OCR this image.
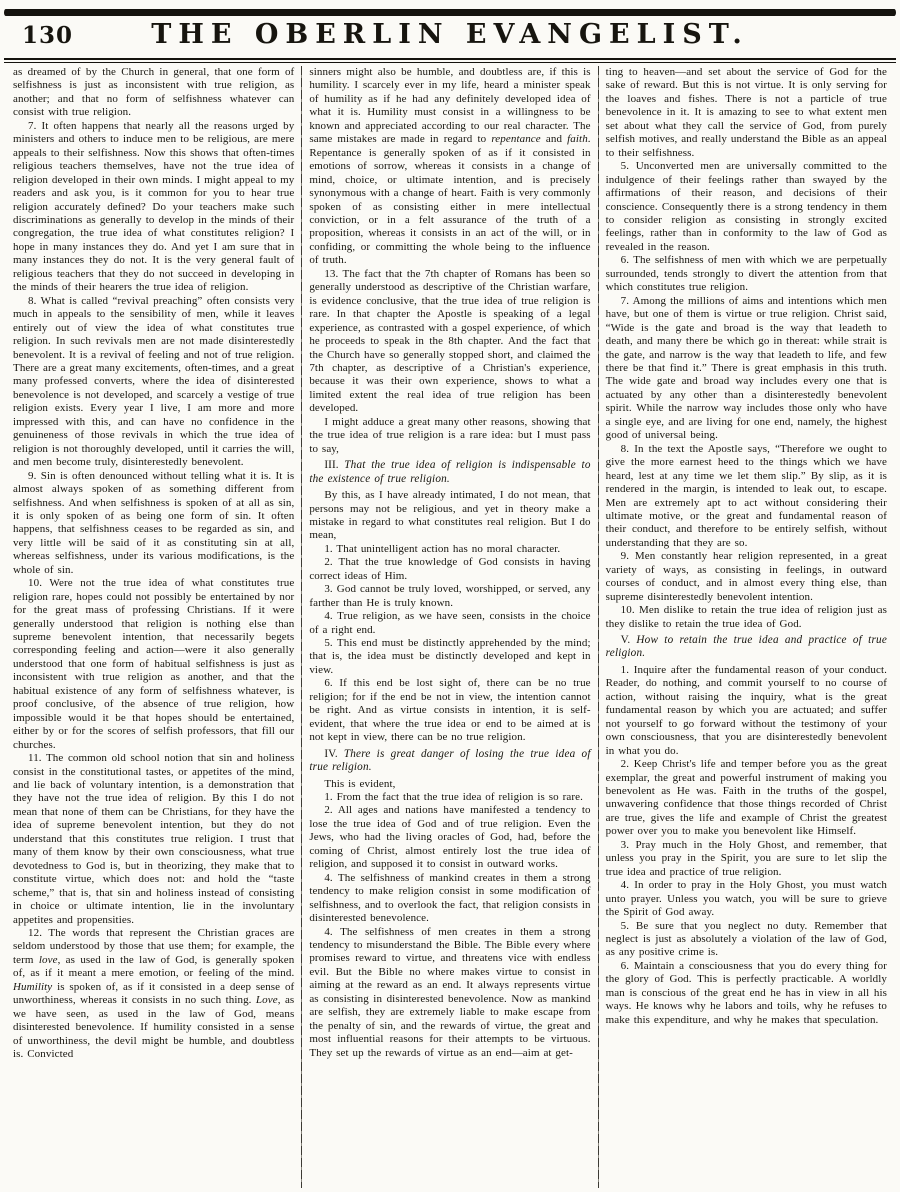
130	THE OBERLIN EVANGELIST.

as dreamed of by the Church in general, that one form of selfishness is just as inconsistent with true religion, as another; and that no form of selfishness whatever can consist with true religion.

7. It often happens that nearly all the reasons urged by ministers and others to induce men to be religious, are mere appeals to their selfishness. Now this shows that often-times religious teachers themselves, have not the true idea of religion developed in their own minds. I might appeal to my readers and ask you, is it common for you to hear true religion accurately defined? Do your teachers make such discriminations as generally to develop in the minds of their congregation, the true idea of what constitutes religion? I hope in many instances they do. And yet I am sure that in many instances they do not. It is the very general fault of religious teachers that they do not succeed in developing in the minds of their hearers the true idea of religion.

8. What is called “revival preaching” often consists very much in appeals to the sensibility of men, while it leaves entirely out of view the idea of what constitutes true religion. In such revivals men are not made disinterestedly benevolent. It is a revival of feeling and not of true religion. There are a great many excitements, often-times, and a great many professed converts, where the idea of disinterested benevolence is not developed, and scarcely a vestige of true religion exists. Every year I live, I am more and more impressed with this, and can have no confidence in the genuineness of those revivals in which the true idea of religion is not thoroughly developed, until it carries the will, and men become truly, disinterestedly benevolent.

9. Sin is often denounced without telling what it is. It is almost always spoken of as something different from selfishness. And when selfishness is spoken of at all as sin, it is only spoken of as being one form of sin. It often happens, that selfishness ceases to be regarded as sin, and very little will be said of it as constituting sin at all, whereas selfishness, under its various modifications, is the whole of sin.

10. Were not the true idea of what constitutes true religion rare, hopes could not possibly be entertained by nor for the great mass of professing Christians. If it were generally understood that religion is nothing else than supreme benevolent intention, that necessarily begets corresponding feeling and action—were it also generally understood that one form of habitual selfishness is just as inconsistent with true religion as another, and that the habitual existence of any form of selfishness whatever, is proof conclusive, of the absence of true religion, how impossible would it be that hopes should be entertained, either by or for the scores of selfish professors, that fill our churches.

11. The common old school notion that sin and holiness consist in the constitutional tastes, or appetites of the mind, and lie back of voluntary intention, is a demonstration that they have not the true idea of religion. By this I do not mean that none of them can be Christians, for they have the idea of supreme benevolent intention, but they do not understand that this constitutes true religion. I trust that many of them know by their own consciousness, what true devotedness to God is, but in theorizing, they make that to constitute virtue, which does not: and hold the “taste scheme,” that is, that sin and holiness instead of consisting in choice or ultimate intention, lie in the involuntary appetites and propensities.

12. The words that represent the Christian graces are seldom understood by those that use them; for example, the term love, as used in the law of God, is generally spoken of, as if it meant a mere emotion, or feeling of the mind. Humility is spoken of, as if it consisted in a deep sense of unworthiness, whereas it consists in no such thing. Love, as we have seen, as used in the law of God, means disinterested benevolence. If humility consisted in a sense of unworthiness, the devil might be humble, and doubtless is. Convicted

sinners might also be humble, and doubtless are, if this is humility. I scarcely ever in my life, heard a minister speak of humility as if he had any definitely developed idea of what it is. Humility must consist in a willingness to be known and appreciated according to our real character. The same mistakes are made in regard to repentance and faith. Repentance is generally spoken of as if it consisted in emotions of sorrow, whereas it consists in a change of mind, choice, or ultimate intention, and is precisely synonymous with a change of heart. Faith is very commonly spoken of as consisting either in mere intellectual conviction, or in a felt assurance of the truth of a proposition, whereas it consists in an act of the will, or in confiding, or committing the whole being to the influence of truth.

13. The fact that the 7th chapter of Romans has been so generally understood as descriptive of the Christian warfare, is evidence conclusive, that the true idea of true religion is rare. In that chapter the Apostle is speaking of a legal experience, as contrasted with a gospel experience, of which he proceeds to speak in the 8th chapter. And the fact that the Church have so generally stopped short, and claimed the 7th chapter, as descriptive of a Christian's experience, because it was their own experience, shows to what a limited extent the real idea of true religion has been developed.

I might adduce a great many other reasons, showing that the true idea of true religion is a rare idea: but I must pass to say,

III. That the true idea of religion is indispensable to the existence of true religion.

By this, as I have already intimated, I do not mean, that persons may not be religious, and yet in theory make a mistake in regard to what constitutes real religion. But I do mean,

1. That unintelligent action has no moral character.

2. That the true knowledge of God consists in having correct ideas of Him.

3. God cannot be truly loved, worshipped, or served, any farther than He is truly known.

4. True religion, as we have seen, consists in the choice of a right end.

5. This end must be distinctly apprehended by the mind; that is, the idea must be distinctly developed and kept in view.

6. If this end be lost sight of, there can be no true religion; for if the end be not in view, the intention cannot be right. And as virtue consists in intention, it is self-evident, that where the true idea or end to be aimed at is not kept in view, there can be no true religion.

IV. There is great danger of losing the true idea of true religion.

This is evident,

1. From the fact that the true idea of religion is so rare.

2. All ages and nations have manifested a tendency to lose the true idea of God and of true religion. Even the Jews, who had the living oracles of God, had, before the coming of Christ, almost entirely lost the true idea of religion, and supposed it to consist in outward works.

4. The selfishness of mankind creates in them a strong tendency to make religion consist in some modification of selfishness, and to overlook the fact, that religion consists in disinterested benevolence.

4. The selfishness of men creates in them a strong tendency to misunderstand the Bible. The Bible every where promises reward to virtue, and threatens vice with endless evil. But the Bible no where makes virtue to consist in aiming at the reward as an end. It always represents virtue as consisting in disinterested benevolence. Now as mankind are selfish, they are extremely liable to make escape from the penalty of sin, and the rewards of virtue, the great and most influential reasons for their attempts to be virtuous. They set up the rewards of virtue as an end—aim at get-

ting to heaven—and set about the service of God for the sake of reward. But this is not virtue. It is only serving for the loaves and fishes. There is not a particle of true benevolence in it. It is amazing to see to what extent men set about what they call the service of God, from purely selfish motives, and really understand the Bible as an appeal to their selfishness.

5. Unconverted men are universally committed to the indulgence of their feelings rather than swayed by the affirmations of their reason, and decisions of their conscience. Consequently there is a strong tendency in them to consider religion as consisting in strongly excited feelings, rather than in conformity to the law of God as revealed in the reason.

6. The selfishness of men with which we are perpetually surrounded, tends strongly to divert the attention from that which constitutes true religion.

7. Among the millions of aims and intentions which men have, but one of them is virtue or true religion. Christ said, “Wide is the gate and broad is the way that leadeth to death, and many there be which go in thereat: while strait is the gate, and narrow is the way that leadeth to life, and few there be that find it.” There is great emphasis in this truth. The wide gate and broad way includes every one that is actuated by any other than a disinterestedly benevolent spirit. While the narrow way includes those only who have a single eye, and are living for one end, namely, the highest good of universal being.

8. In the text the Apostle says, “Therefore we ought to give the more earnest heed to the things which we have heard, lest at any time we let them slip.” By slip, as it is rendered in the margin, is intended to leak out, to escape. Men are extremely apt to act without considering their ultimate motive, or the great and fundamental reason of their conduct, and therefore to be entirely selfish, without understanding that they are so.

9. Men constantly hear religion represented, in a great variety of ways, as consisting in feelings, in outward courses of conduct, and in almost every thing else, than supreme disinterestedly benevolent intention.

10. Men dislike to retain the true idea of religion just as they dislike to retain the true idea of God.

V. How to retain the true idea and practice of true religion.

1. Inquire after the fundamental reason of your conduct. Reader, do nothing, and commit yourself to no course of action, without raising the inquiry, what is the great fundamental reason by which you are actuated; and suffer not yourself to go forward without the testimony of your own consciousness, that you are disinterestedly benevolent in what you do.

2. Keep Christ's life and temper before you as the great exemplar, the great and powerful instrument of making you benevolent as He was. Faith in the truths of the gospel, unwavering confidence that those things recorded of Christ are true, gives the life and example of Christ the greatest power over you to make you benevolent like Himself.

3. Pray much in the Holy Ghost, and remember, that unless you pray in the Spirit, you are sure to let slip the true idea and practice of true religion.

4. In order to pray in the Holy Ghost, you must watch unto prayer. Unless you watch, you will be sure to grieve the Spirit of God away.

5. Be sure that you neglect no duty. Remember that neglect is just as absolutely a violation of the law of God, as any positive crime is.

6. Maintain a consciousness that you do every thing for the glory of God. This is perfectly practicable. A worldly man is conscious of the great end he has in view in all his ways. He knows why he labors and toils, why he refuses to make this expenditure, and why he makes that speculation.
